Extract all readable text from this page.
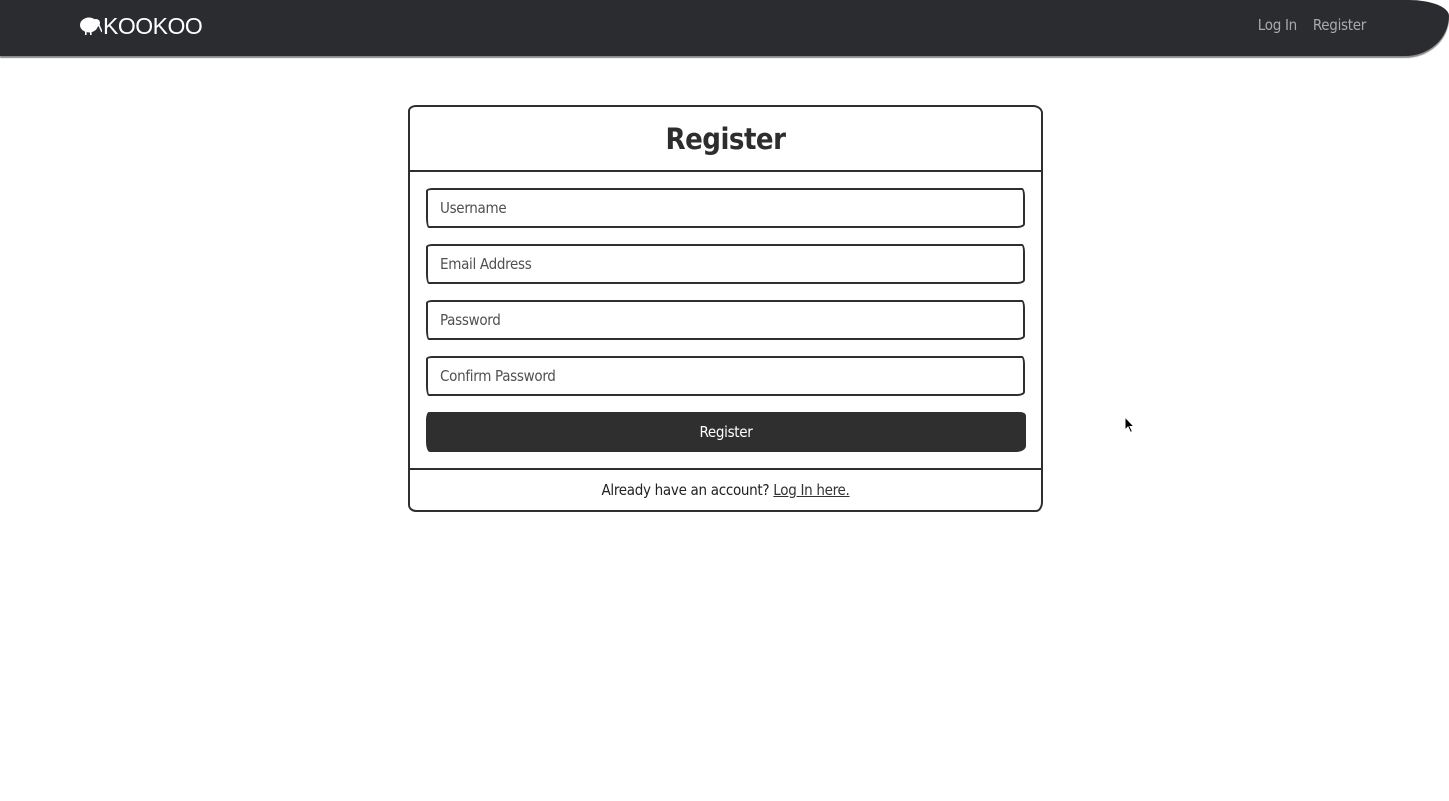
KOOKOO	Log In Register
Register
Username
Email Address
Register
Already have an account? Log In here.
